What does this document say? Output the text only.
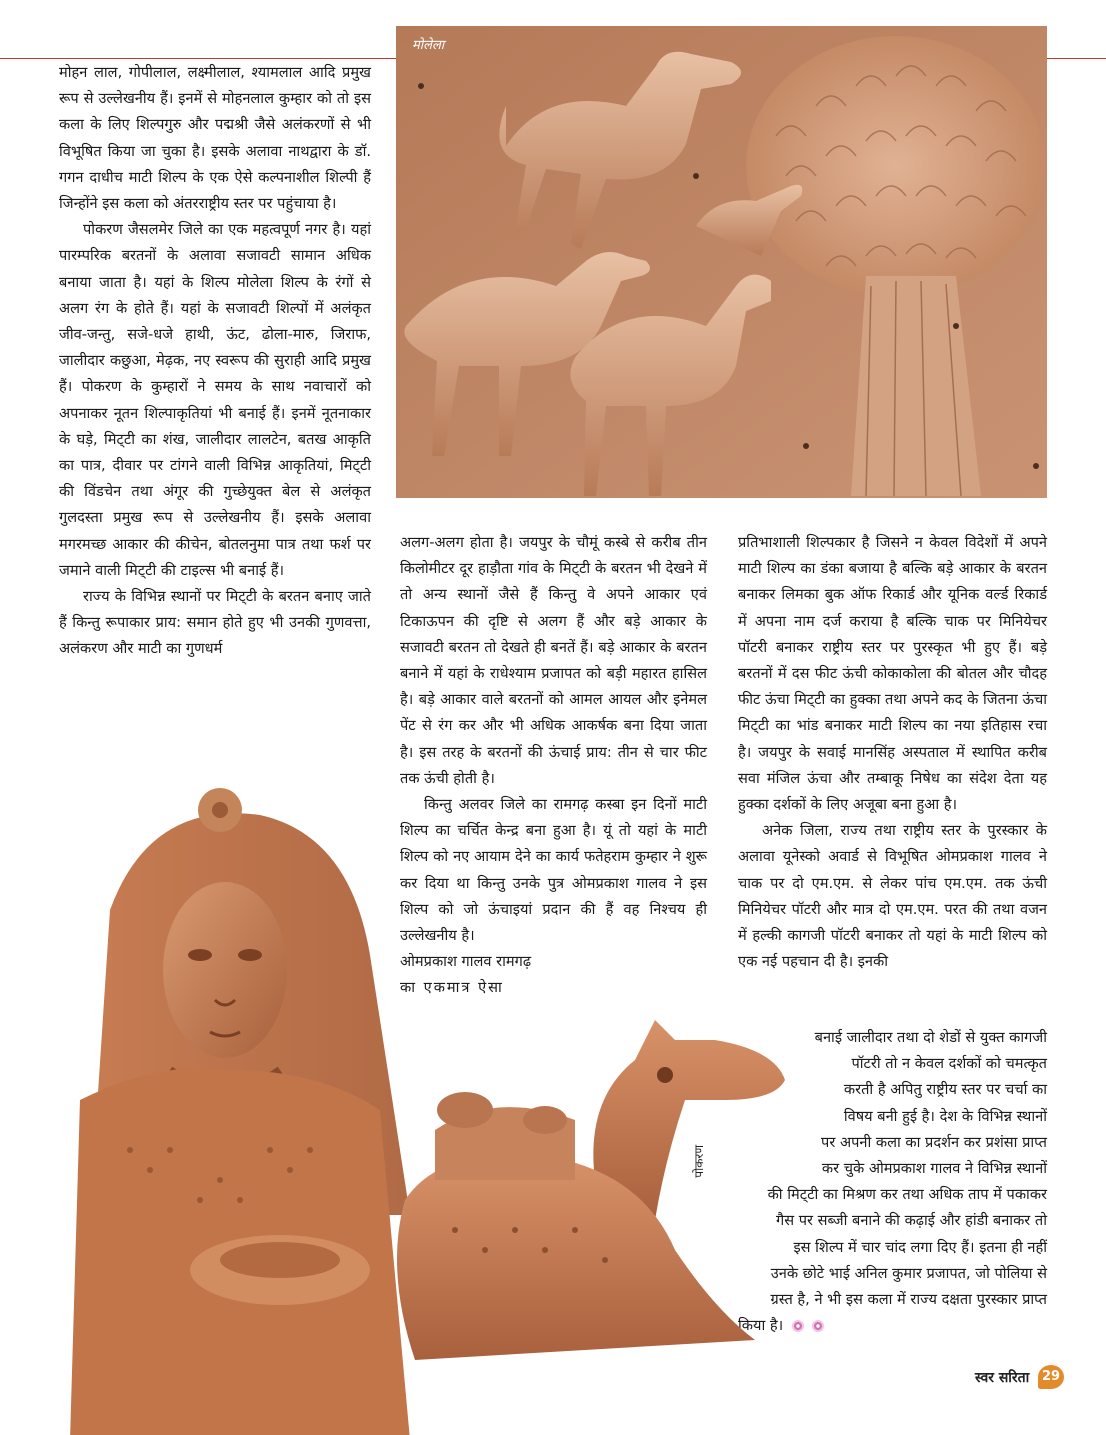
मोलेला

मोहन लाल, गोपीलाल, लक्ष्मीलाल, श्यामलाल आदि प्रमुख रूप से उल्लेखनीय हैं। इनमें से मोहनलाल कुम्हार को तो इस कला के लिए शिल्पगुरु और पद्मश्री जैसे अलंकरणों से भी विभूषित किया जा चुका है। इसके अलावा नाथद्वारा के डॉ. गगन दाधीच माटी शिल्प के एक ऐसे कल्पनाशील शिल्पी हैं जिन्होंने इस कला को अंतरराष्ट्रीय स्तर पर पहुंचाया है।

पोकरण जैसलमेर जिले का एक महत्वपूर्ण नगर है। यहां पारम्परिक बरतनों के अलावा सजावटी सामान अधिक बनाया जाता है। यहां के शिल्प मोलेला शिल्प के रंगों से अलग रंग के होते हैं। यहां के सजावटी शिल्पों में अलंकृत जीव-जन्तु, सजे-धजे हाथी, ऊंट, ढोला-मारु, जिराफ, जालीदार कछुआ, मेढ़क, नए स्वरूप की सुराही आदि प्रमुख हैं। पोकरण के कुम्हारों ने समय के साथ नवाचारों को अपनाकर नूतन शिल्पाकृतियां भी बनाई हैं। इनमें नूतनाकार के घड़े, मिट्‌टी का शंख, जालीदार लालटेन, बतख आकृति का पात्र, दीवार पर टांगने वाली विभिन्न आकृतियां, मिट्‌टी की विंडचेन तथा अंगूर की गुच्छेयुक्त बेल से अलंकृत गुलदस्ता प्रमुख रूप से उल्लेखनीय हैं। इसके अलावा मगरमच्छ आकार की कीचेन, बोतलनुमा पात्र तथा फर्श पर जमाने वाली मिट्‌टी की टाइल्स भी बनाई हैं।

राज्य के विभिन्न स्थानों पर मिट्‌टी के बरतन बनाए जाते हैं किन्तु रूपाकार प्राय: समान होते हुए भी उनकी गुणवत्ता, अलंकरण और माटी का गुणधर्म

अलग-अलग होता है। जयपुर के चौमूं कस्बे से करीब तीन किलोमीटर दूर हाड़ौता गांव के मिट्‌टी के बरतन भी देखने में तो अन्य स्थानों जैसे हैं किन्तु वे अपने आकार एवं टिकाऊपन की दृष्टि से अलग हैं और बड़े आकार के सजावटी बरतन तो देखते ही बनतें हैं। बड़े आकार के बरतन बनाने में यहां के राधेश्याम प्रजापत को बड़ी महारत हासिल है। बड़े आकार वाले बरतनों को आमल आयल और इनेमल पेंट से रंग कर और भी अधिक आकर्षक बना दिया जाता है। इस तरह के बरतनों की ऊंचाई प्राय: तीन से चार फीट तक ऊंची होती है।

किन्तु अलवर जिले का रामगढ़ कस्बा इन दिनों माटी शिल्प का चर्चित केन्द्र बना हुआ है। यूं तो यहां के माटी शिल्प को नए आयाम देने का कार्य फतेहराम कुम्हार ने शुरू कर दिया था किन्तु उनके पुत्र ओमप्रकाश गालव ने इस शिल्प को जो ऊंचाइयां प्रदान की हैं वह निश्चय ही उल्लेखनीय है।

ओमप्रकाश गालव रामगढ़

का एकमात्र ऐसा

प्रतिभाशाली शिल्पकार है जिसने न केवल विदेशों में अपने माटी शिल्प का डंका बजाया है बल्कि बड़े आकार के बरतन बनाकर लिमका बुक ऑफ रिकार्ड और यूनिक वर्ल्ड रिकार्ड में अपना नाम दर्ज कराया है बल्कि चाक पर मिनियेचर पॉटरी बनाकर राष्ट्रीय स्तर पर पुरस्कृत भी हुए हैं। बड़े बरतनों में दस फीट ऊंची कोकाकोला की बोतल और चौदह फीट ऊंचा मिट्‌टी का हुक्का तथा अपने कद के जितना ऊंचा मिट्‌टी का भांड बनाकर माटी शिल्प का नया इतिहास रचा है। जयपुर के सवाई मानसिंह अस्पताल में स्थापित करीब सवा मंजिल ऊंचा और तम्बाकू निषेध का संदेश देता यह हुक्का दर्शकों के लिए अजूबा बना हुआ है।

अनेक जिला, राज्य तथा राष्ट्रीय स्तर के पुरस्कार के अलावा यूनेस्को अवार्ड से विभूषित ओमप्रकाश गालव ने चाक पर दो एम.एम. से लेकर पांच एम.एम. तक ऊंची मिनियेचर पॉटरी और मात्र दो एम.एम. परत की तथा वजन में हल्की कागजी पॉटरी बनाकर तो यहां के माटी शिल्प को एक नई पहचान दी है। इनकी

बनाई जालीदार तथा दो शेडों से युक्त कागजी
पॉटरी तो न केवल दर्शकों को चमत्कृत
करती है अपितु राष्ट्रीय स्तर पर चर्चा का
विषय बनी हुई है। देश के विभिन्न स्थानों
पर अपनी कला का प्रदर्शन कर प्रशंसा प्राप्त
कर चुके ओमप्रकाश गालव ने विभिन्न स्थानों
की मिट्‌टी का मिश्रण कर तथा अधिक ताप में पकाकर
गैस पर सब्जी बनाने की कढ़ाई और हांडी बनाकर तो
इस शिल्प में चार चांद लगा दिए हैं। इतना ही नहीं
उनके छोटे भाई अनिल कुमार प्रजापत, जो पोलिया से
ग्रस्त है, ने भी इस कला में राज्य दक्षता पुरस्कार प्राप्त
किया है।
पोकरण
स्वर सरिता 29
